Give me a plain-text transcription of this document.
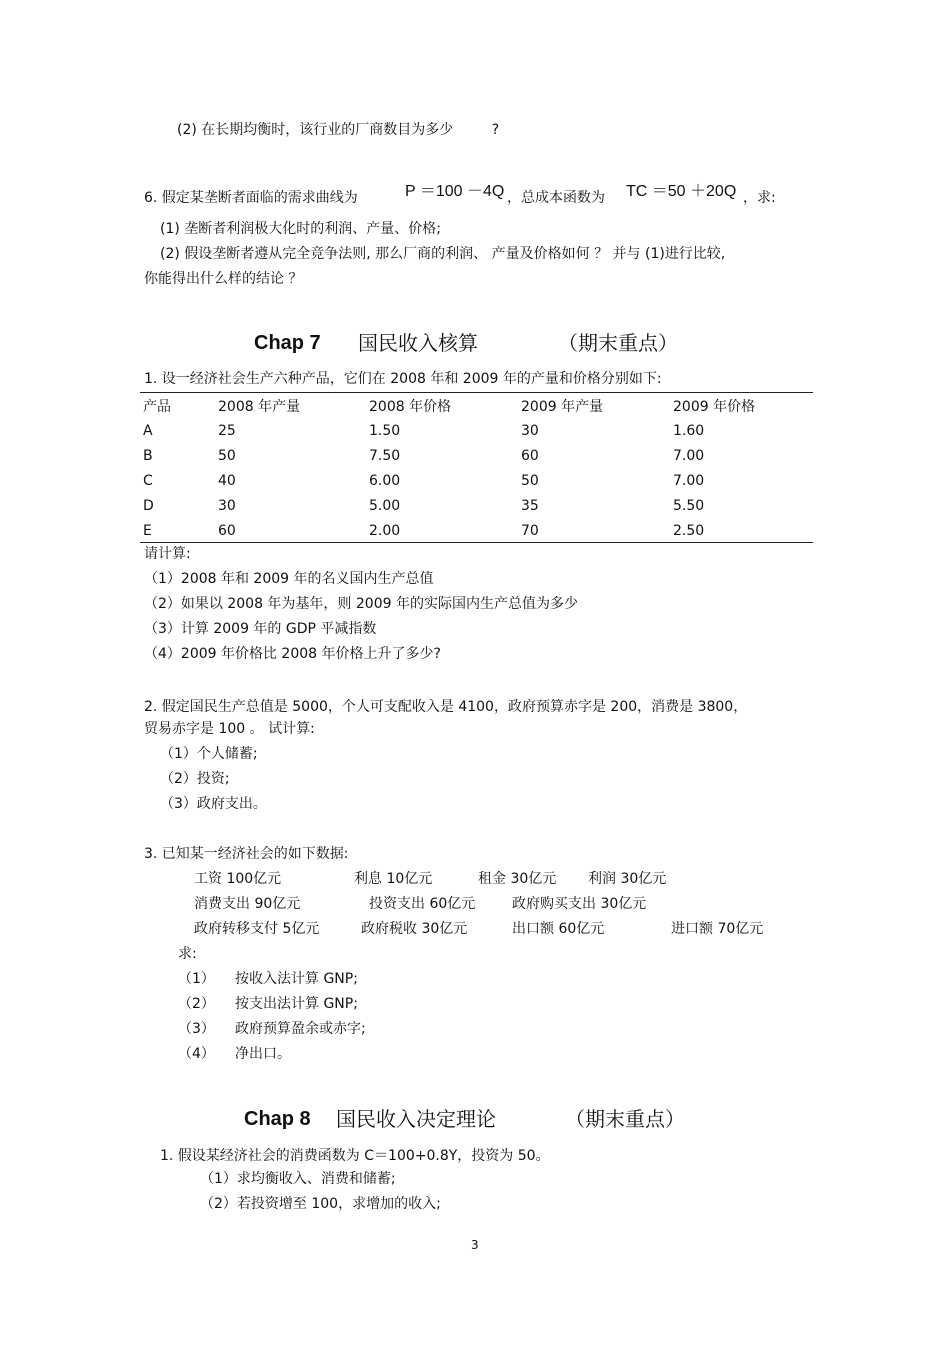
(2) 在长期均衡时，该行业的厂商数目为多少	?
6. 假定某垄断者面临的需求曲线为	P ＝100 －4Q ，总成本函数为 TC ＝50 ＋20Q ，求:
(1) 垄断者利润极大化时的利润、产量、价格;
(2) 假设垄断者遵从完全竞争法则, 那么厂商的利润、 产量及价格如何 ？ 并与 (1)进行比较,
你能得出什么样的结论 ？
Chap 7 国民收入核算	（期末重点）
1. 设一经济社会生产六种产品，它们在 2008 年和 2009 年的产量和价格分别如下:
产品	2008 年产量	2008 年价格	2009 年产量	2009 年价格
A	25	1.50	30	1.60
B	50	7.50	60	7.00
C	40	6.00	50	7.00
D	30	5.00	35	5.50
E	60	2.00	70	2.50
请计算:
（1）2008 年和 2009 年的名义国内生产总值
（2）如果以 2008 年为基年，则 2009 年的实际国内生产总值为多少
（3）计算 2009 年的 GDP 平减指数
（4）2009 年价格比 2008 年价格上升了多少?
2. 假定国民生产总值是 5000，个人可支配收入是 4100，政府预算赤字是 200，消费是 3800，
贸易赤字是 100 。 试计算:
（1）个人储蓄;
（2）投资;
（3）政府支出。
3. 已知某一经济社会的如下数据:
工资 100亿元	利息 10亿元	租金 30亿元 利润 30亿元
消费支出 90亿元	投资支出 60亿元	政府购买支出 30亿元
政府转移支付 5亿元	政府税收 30亿元	出口额 60亿元	进口额 70亿元
求:
（1） 按收入法计算 GNP;
（2） 按支出法计算 GNP;
（3） 政府预算盈余或赤字;
（4） 净出口。
Chap 8 国民收入决定理论	（期末重点）
1. 假设某经济社会的消费函数为 C＝100+0.8Y，投资为 50。
（1）求均衡收入、消费和储蓄;
（2）若投资增至 100，求增加的收入;
3
